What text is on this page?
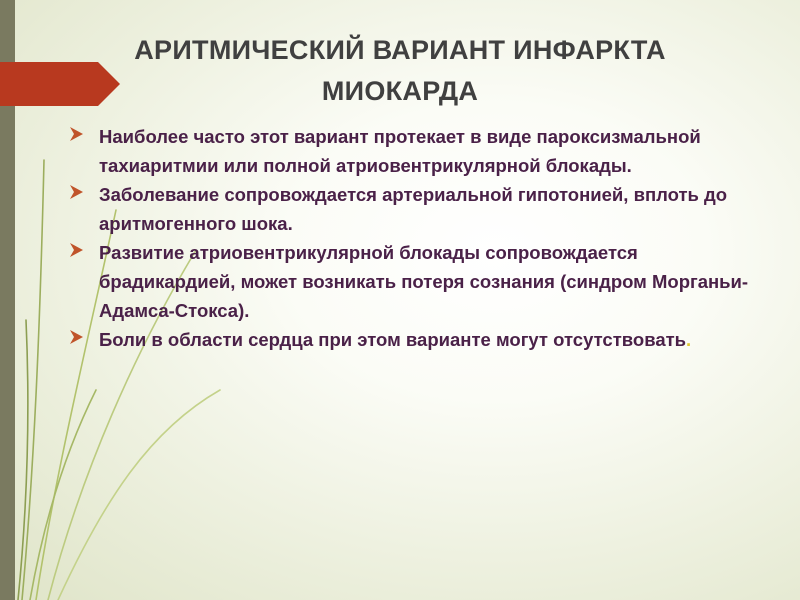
АРИТМИЧЕСКИЙ ВАРИАНТ ИНФАРКТА МИОКАРДА
Наиболее часто этот вариант протекает в виде пароксизмальной тахиаритмии или полной атриовентрикулярной блокады.
Заболевание сопровождается артериальной гипотонией, вплоть до аритмогенного шока.
Развитие атриовентрикулярной блокады сопровождается брадикардией, может возникать потеря сознания (синдром Морганьи-Адамса-Стокса).
Боли в области сердца при этом варианте могут отсутствовать.
